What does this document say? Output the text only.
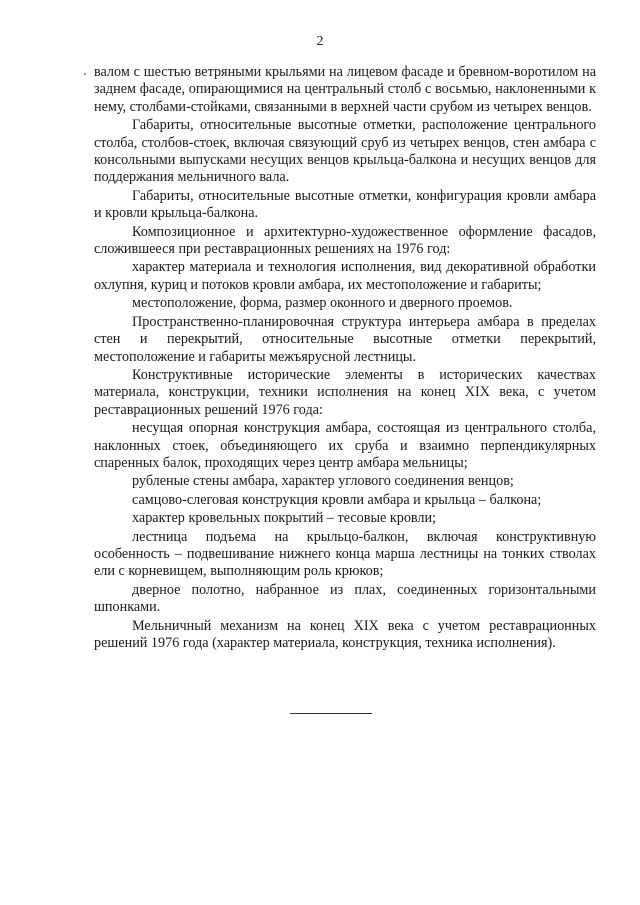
2

валом с шестью ветряными крыльями на лицевом фасаде и бревном-воротилом на заднем фасаде, опирающимися на центральный столб с восьмью, наклоненными к нему, столбами-стойками, связанными в верхней части срубом из четырех венцов.

Габариты, относительные высотные отметки, расположение центрального столба, столбов-стоек, включая связующий сруб из четырех венцов, стен амбара с консольными выпусками несущих венцов крыльца-балкона и несущих венцов для поддержания мельничного вала.

Габариты, относительные высотные отметки, конфигурация кровли амбара и кровли крыльца-балкона.

Композиционное и архитектурно-художественное оформление фасадов, сложившееся при реставрационных решениях на 1976 год:

характер материала и технология исполнения, вид декоративной обработки охлупня, куриц и потоков кровли амбара, их местоположение и габариты;

местоположение, форма, размер оконного и дверного проемов.

Пространственно-планировочная структура интерьера амбара в пределах стен и перекрытий, относительные высотные отметки перекрытий, местоположение и габариты межъярусной лестницы.

Конструктивные исторические элементы в исторических качествах материала, конструкции, техники исполнения на конец XIX века, с учетом реставрационных решений 1976 года:

несущая опорная конструкция амбара, состоящая из центрального столба, наклонных стоек, объединяющего их сруба и взаимно перпендикулярных спаренных балок, проходящих через центр амбара мельницы;

рубленые стены амбара, характер углового соединения венцов;

самцово-слеговая конструкция кровли амбара и крыльца – балкона;

характер кровельных покрытий – тесовые кровли;

лестница подъема на крыльцо-балкон, включая конструктивную особенность – подвешивание нижнего конца марша лестницы на тонких стволах ели с корневищем, выполняющим роль крюков;

дверное полотно, набранное из плах, соединенных горизонтальными шпонками.

Мельничный механизм на конец XIX века с учетом реставрационных решений 1976 года (характер материала, конструкция, техника исполнения).
